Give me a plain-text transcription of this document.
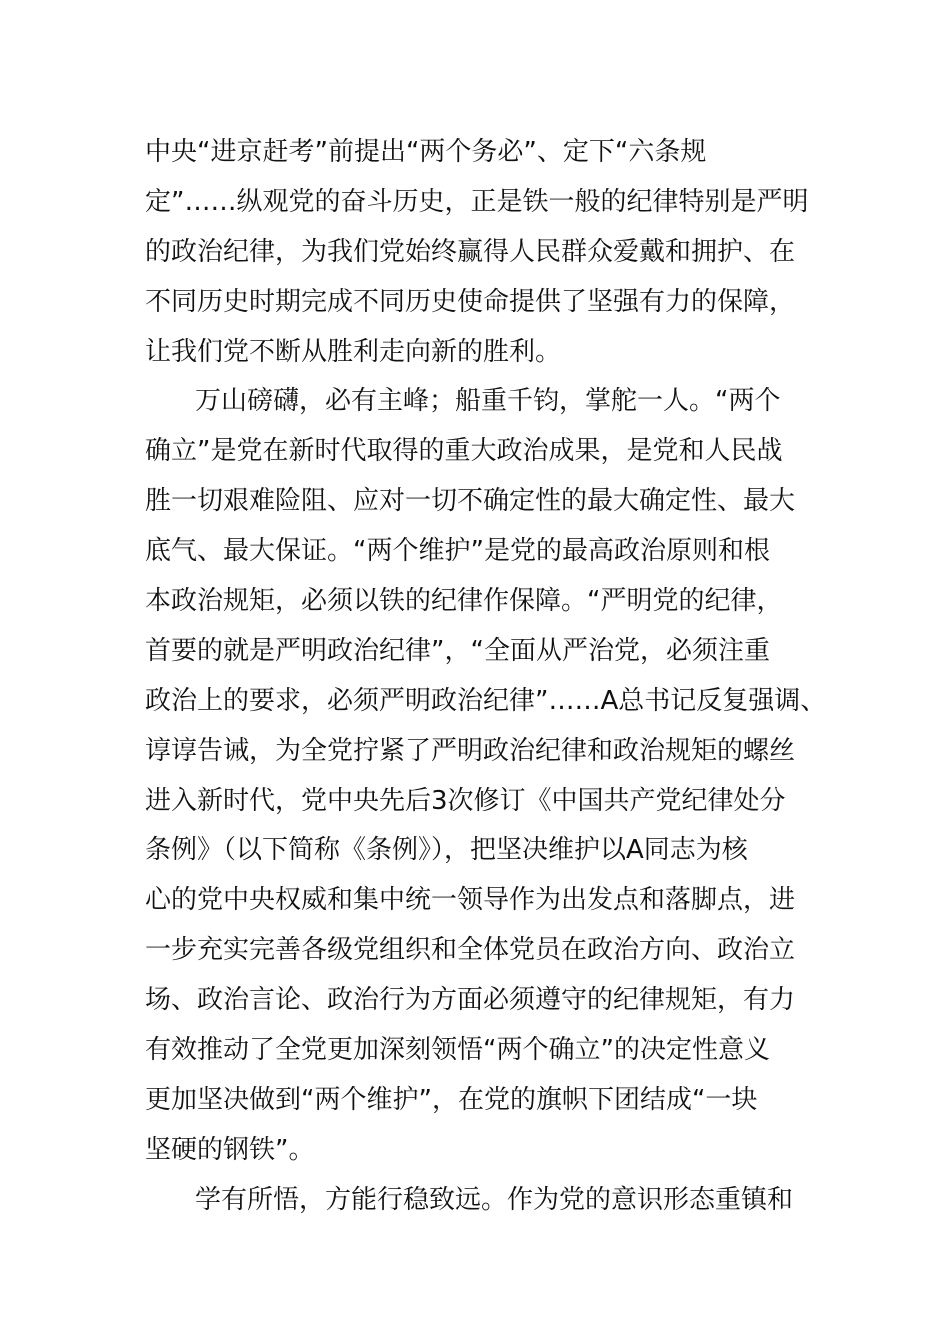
中央“进京赶考”前提出“两个务必”、定下“六条规
定”……纵观党的奋斗历史，正是铁一般的纪律特别是严明
的政治纪律，为我们党始终赢得人民群众爱戴和拥护、在
不同历史时期完成不同历史使命提供了坚强有力的保障，
让我们党不断从胜利走向新的胜利。
万山磅礴，必有主峰；船重千钧，掌舵一人。“两个
确立”是党在新时代取得的重大政治成果，是党和人民战
胜一切艰难险阻、应对一切不确定性的最大确定性、最大
底气、最大保证。“两个维护”是党的最高政治原则和根
本政治规矩，必须以铁的纪律作保障。“严明党的纪律，
首要的就是严明政治纪律”，“全面从严治党，必须注重
政治上的要求，必须严明政治纪律”……A总书记反复强调、
谆谆告诫，为全党拧紧了严明政治纪律和政治规矩的螺丝
进入新时代，党中央先后3次修订《中国共产党纪律处分
条例》（以下简称《条例》），把坚决维护以A同志为核
心的党中央权威和集中统一领导作为出发点和落脚点，进
一步充实完善各级党组织和全体党员在政治方向、政治立
场、政治言论、政治行为方面必须遵守的纪律规矩，有力
有效推动了全党更加深刻领悟“两个确立”的决定性意义
更加坚决做到“两个维护”，在党的旗帜下团结成“一块
坚硬的钢铁”。
学有所悟，方能行稳致远。作为党的意识形态重镇和
